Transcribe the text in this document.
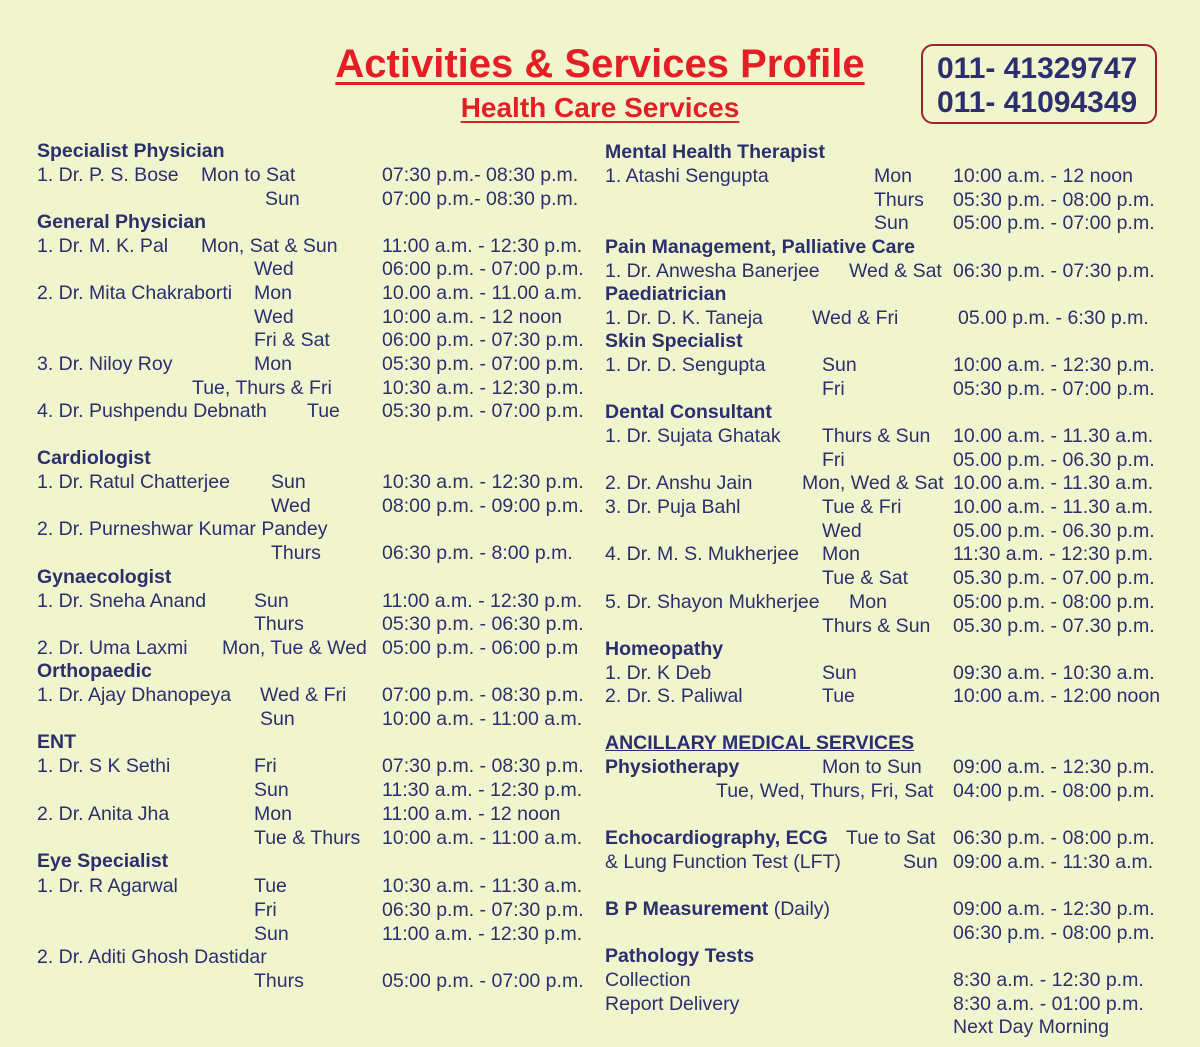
Activities & Services Profile
Health Care Services
011- 41329747
011- 41094349
Specialist Physician
1. Dr. P. S. Bose Mon to Sat	07:30 p.m.- 08:30 p.m.
Sun	07:00 p.m.- 08:30 p.m.
General Physician
1. Dr. M. K. Pal Mon, Sat & Sun 11:00 a.m. - 12:30 p.m.
Wed	06:00 p.m. - 07:00 p.m.
2. Dr. Mita Chakraborti Mon	10.00 a.m. - 11.00 a.m.
Wed	10:00 a.m. - 12 noon
Fri & Sat	06:00 p.m. - 07:30 p.m.
3. Dr. Niloy Roy	Mon	05:30 p.m. - 07:00 p.m.
Tue, Thurs & Fri	10:30 a.m. - 12:30 p.m.
4. Dr. Pushpendu Debnath Tue 05:30 p.m. - 07:00 p.m.
Cardiologist
1. Dr. Ratul Chatterjee Sun	10:30 a.m. - 12:30 p.m.
Wed	08:00 p.m. - 09:00 p.m.
2. Dr. Purneshwar Kumar Pandey
Thurs	06:30 p.m. - 8:00 p.m.
Gynaecologist
1. Dr. Sneha Anand Sun	11:00 a.m. - 12:30 p.m.
Thurs	05:30 p.m. - 06:30 p.m.
2. Dr. Uma Laxmi Mon, Tue & Wed 05:00 p.m. - 06:00 p.m
Orthopaedic
1. Dr. Ajay Dhanopeya Wed & Fri 07:00 p.m. - 08:30 p.m.
Sun	10:00 a.m. - 11:00 a.m.
ENT
1. Dr. S K Sethi	Fri	07:30 p.m. - 08:30 p.m.
Sun	11:30 a.m. - 12:30 p.m.
2. Dr. Anita Jha	Mon	11:00 a.m. - 12 noon
Tue & Thurs 10:00 a.m. - 11:00 a.m.
Eye Specialist
1. Dr. R Agarwal	Tue	10:30 a.m. - 11:30 a.m.
Fri	06:30 p.m. - 07:30 p.m.
Sun	11:00 a.m. - 12:30 p.m.
2. Dr. Aditi Ghosh Dastidar
Thurs	05:00 p.m. - 07:00 p.m.
Mental Health Therapist
1. Atashi Sengupta	Mon 10:00 a.m. - 12 noon
Thurs 05:30 p.m. - 08:00 p.m.
Sun 05:00 p.m. - 07:00 p.m.
Pain Management, Palliative Care
1. Dr. Anwesha Banerjee Wed & Sat 06:30 p.m. - 07:30 p.m.
Paediatrician
1. Dr. D. K. Taneja	Wed & Fri	05.00 p.m. - 6:30 p.m.
Skin Specialist
1. Dr. D. Sengupta	Sun	10:00 a.m. - 12:30 p.m.
Fri	05:30 p.m. - 07:00 p.m.
Dental Consultant
1. Dr. Sujata Ghatak Thurs & Sun 10.00 a.m. - 11.30 a.m.
Fri	05.00 p.m. - 06.30 p.m.
2. Dr. Anshu Jain	Mon, Wed & Sat 10.00 a.m. - 11.30 a.m.
3. Dr. Puja Bahl	Tue & Fri	10.00 a.m. - 11.30 a.m.
Wed	05.00 p.m. - 06.30 p.m.
4. Dr. M. S. Mukherjee Mon	11:30 a.m. - 12:30 p.m.
Tue & Sat 05.30 p.m. - 07.00 p.m.
5. Dr. Shayon Mukherjee Mon	05:00 p.m. - 08:00 p.m.
Thurs & Sun 05.30 p.m. - 07.30 p.m.
Homeopathy
1. Dr. K Deb	Sun	09:30 a.m. - 10:30 a.m.
2. Dr. S. Paliwal	Tue	10:00 a.m. - 12:00 noon
ANCILLARY MEDICAL SERVICES
Physiotherapy	Mon to Sun 09:00 a.m. - 12:30 p.m.
Tue, Wed, Thurs, Fri, Sat 04:00 p.m. - 08:00 p.m.
Echocardiography, ECG Tue to Sat 06:30 p.m. - 08:00 p.m.
& Lung Function Test (LFT)	Sun 09:00 a.m. - 11:30 a.m.
B P Measurement (Daily)	09:00 a.m. - 12:30 p.m.
06:30 p.m. - 08:00 p.m.
Pathology Tests
Collection	8:30 a.m. - 12:30 p.m.
Report Delivery	8:30 a.m. - 01:00 p.m.
Next Day Morning
